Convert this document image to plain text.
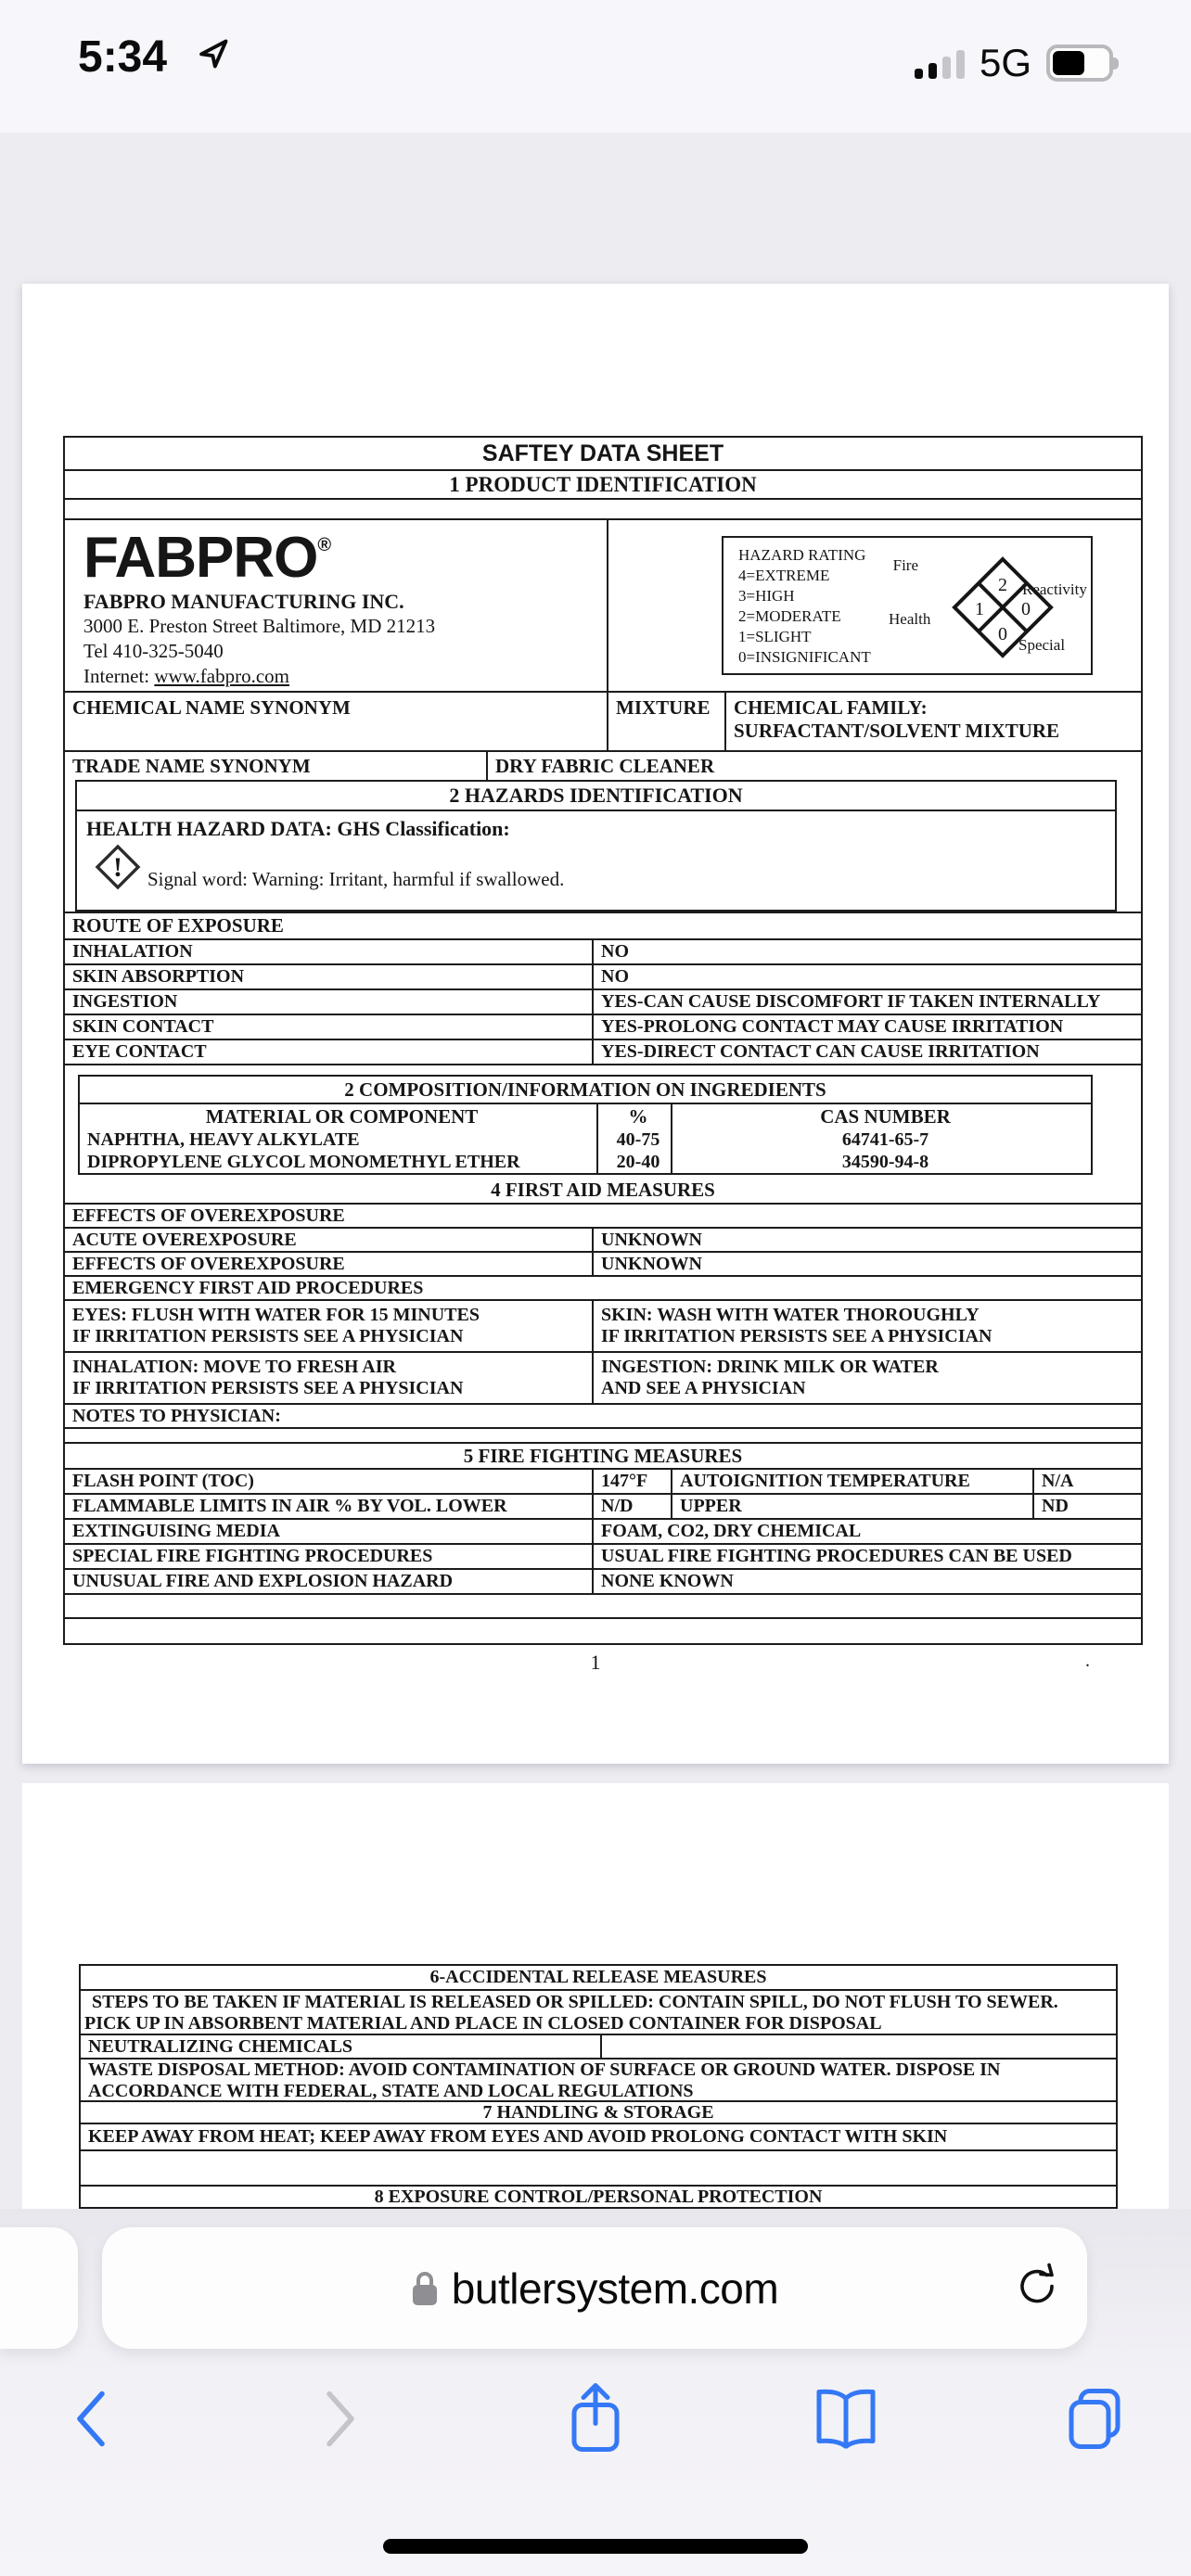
5:34	5G
SAFTEY DATA SHEET
1 PRODUCT IDENTIFICATION
FABPRO®
FABPRO MANUFACTURING INC.
3000 E. Preston Street Baltimore, MD 21213
Tel 410-325-5040
Internet: www.fabpro.com
HAZARD RATING
4=EXTREME
3=HIGH
2=MODERATE
1=SLIGHT
0=INSIGNIFICANT
2
1 0
0
Fire
Reactivity
Health
Special
CHEMICAL NAME SYNONYM	MIXTURE	CHEMICAL FAMILY:
SURFACTANT/SOLVENT MIXTURE
TRADE NAME SYNONYM	DRY FABRIC CLEANER
2 HAZARDS IDENTIFICATION
HEALTH HAZARD DATA: GHS Classification:
! Signal word: Warning: Irritant, harmful if swallowed.
ROUTE OF EXPOSURE
INHALATION	NO
SKIN ABSORPTION	NO
INGESTION	YES-CAN CAUSE DISCOMFORT IF TAKEN INTERNALLY
SKIN CONTACT	YES-PROLONG CONTACT MAY CAUSE IRRITATION
EYE CONTACT	YES-DIRECT CONTACT CAN CAUSE IRRITATION
2 COMPOSITION/INFORMATION ON INGREDIENTS
MATERIAL OR COMPONENT	%	CAS NUMBER
NAPHTHA, HEAVY ALKYLATE	40-75	64741-65-7
DIPROPYLENE GLYCOL MONOMETHYL ETHER	20-40	34590-94-8
4 FIRST AID MEASURES
EFFECTS OF OVEREXPOSURE
ACUTE OVEREXPOSURE	UNKNOWN
EFFECTS OF OVEREXPOSURE	UNKNOWN
EMERGENCY FIRST AID PROCEDURES
EYES: FLUSH WITH WATER FOR 15 MINUTES
IF IRRITATION PERSISTS SEE A PHYSICIAN
SKIN: WASH WITH WATER THOROUGHLY
IF IRRITATION PERSISTS SEE A PHYSICIAN
INHALATION: MOVE TO FRESH AIR
IF IRRITATION PERSISTS SEE A PHYSICIAN
INGESTION: DRINK MILK OR WATER
AND SEE A PHYSICIAN
NOTES TO PHYSICIAN:
5 FIRE FIGHTING MEASURES
FLASH POINT (TOC)	147°F	AUTOIGNITION TEMPERATURE	N/A
FLAMMABLE LIMITS IN AIR % BY VOL. LOWER	N/D	UPPER	ND
EXTINGUISING MEDIA	FOAM, CO2, DRY CHEMICAL
SPECIAL FIRE FIGHTING PROCEDURES	USUAL FIRE FIGHTING PROCEDURES CAN BE USED
UNUSUAL FIRE AND EXPLOSION HAZARD	NONE KNOWN
1	.
6-ACCIDENTAL RELEASE MEASURES
STEPS TO BE TAKEN IF MATERIAL IS RELEASED OR SPILLED: CONTAIN SPILL, DO NOT FLUSH TO SEWER.
PICK UP IN ABSORBENT MATERIAL AND PLACE IN CLOSED CONTAINER FOR DISPOSAL
NEUTRALIZING CHEMICALS
WASTE DISPOSAL METHOD: AVOID CONTAMINATION OF SURFACE OR GROUND WATER. DISPOSE IN
ACCORDANCE WITH FEDERAL, STATE AND LOCAL REGULATIONS
7 HANDLING & STORAGE
KEEP AWAY FROM HEAT; KEEP AWAY FROM EYES AND AVOID PROLONG CONTACT WITH SKIN
8 EXPOSURE CONTROL/PERSONAL PROTECTION
butlersystem.com
